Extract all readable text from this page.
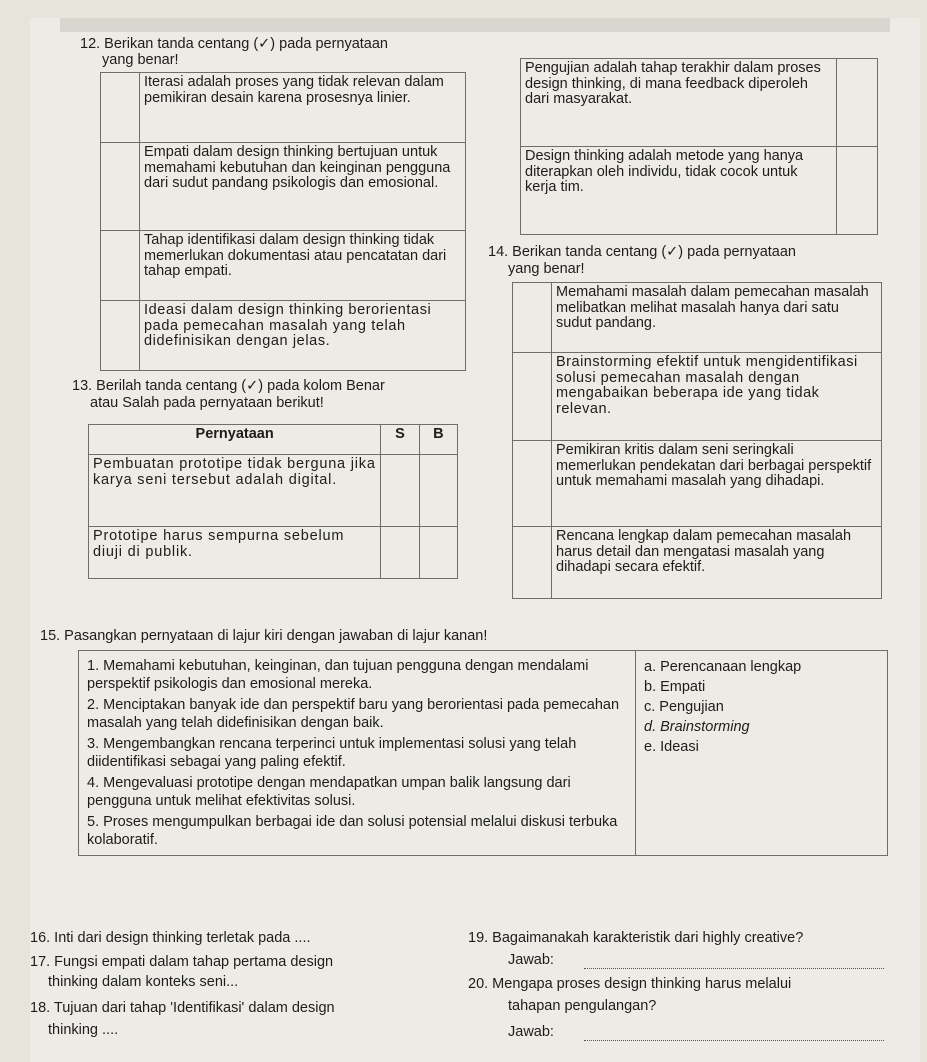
12. Berikan tanda centang (✓) pada pernyataan
yang benar!
	Iterasi adalah proses yang tidak relevan dalam pemikiran desain karena prosesnya linier.
	Empati dalam design thinking bertujuan untuk memahami kebutuhan dan keinginan pengguna dari sudut pandang psikologis dan emosional.
	Tahap identifikasi dalam design thinking tidak memerlukan dokumentasi atau pencatatan dari tahap empati.
	Ideasi dalam design thinking berorientasi pada pemecahan masalah yang telah didefinisikan dengan jelas.
Pengujian adalah tahap terakhir dalam proses design thinking, di mana feedback diperoleh dari masyarakat.	
Design thinking adalah metode yang hanya diterapkan oleh individu, tidak cocok untuk kerja tim.	
13. Berilah tanda centang (✓) pada kolom Benar
atau Salah pada pernyataan berikut!
Pernyataan	S	B
Pembuatan prototipe tidak berguna jika karya seni tersebut adalah digital.		
Prototipe harus sempurna sebelum diuji di publik.		
14. Berikan tanda centang (✓) pada pernyataan
yang benar!
	Memahami masalah dalam pemecahan masalah melibatkan melihat masalah hanya dari satu sudut pandang.
	Brainstorming efektif untuk mengidentifikasi solusi pemecahan masalah dengan mengabaikan beberapa ide yang tidak relevan.
	Pemikiran kritis dalam seni seringkali memerlukan pendekatan dari berbagai perspektif untuk memahami masalah yang dihadapi.
	Rencana lengkap dalam pemecahan masalah harus detail dan mengatasi masalah yang dihadapi secara efektif.
15. Pasangkan pernyataan di lajur kiri dengan jawaban di lajur kanan!
1. Memahami kebutuhan, keinginan, dan tujuan pengguna dengan mendalami perspektif psikologis dan emosional mereka.
2. Menciptakan banyak ide dan perspektif baru yang berorientasi pada pemecahan masalah yang telah didefinisikan dengan baik.
3. Mengembangkan rencana terperinci untuk implementasi solusi yang telah diidentifikasi sebagai yang paling efektif.
4. Mengevaluasi prototipe dengan mendapatkan umpan balik langsung dari pengguna untuk melihat efektivitas solusi.
5. Proses mengumpulkan berbagai ide dan solusi potensial melalui diskusi terbuka kolaboratif.

a. Perencanaan lengkap
b. Empati
c. Pengujian
d. Brainstorming
e. Ideasi
16. Inti dari design thinking terletak pada ....
17. Fungsi empati dalam tahap pertama design
thinking dalam konteks seni...
18. Tujuan dari tahap 'Identifikasi' dalam design
thinking ....
19. Bagaimanakah karakteristik dari highly creative?
Jawab:
20. Mengapa proses design thinking harus melalui
tahapan pengulangan?
Jawab:
